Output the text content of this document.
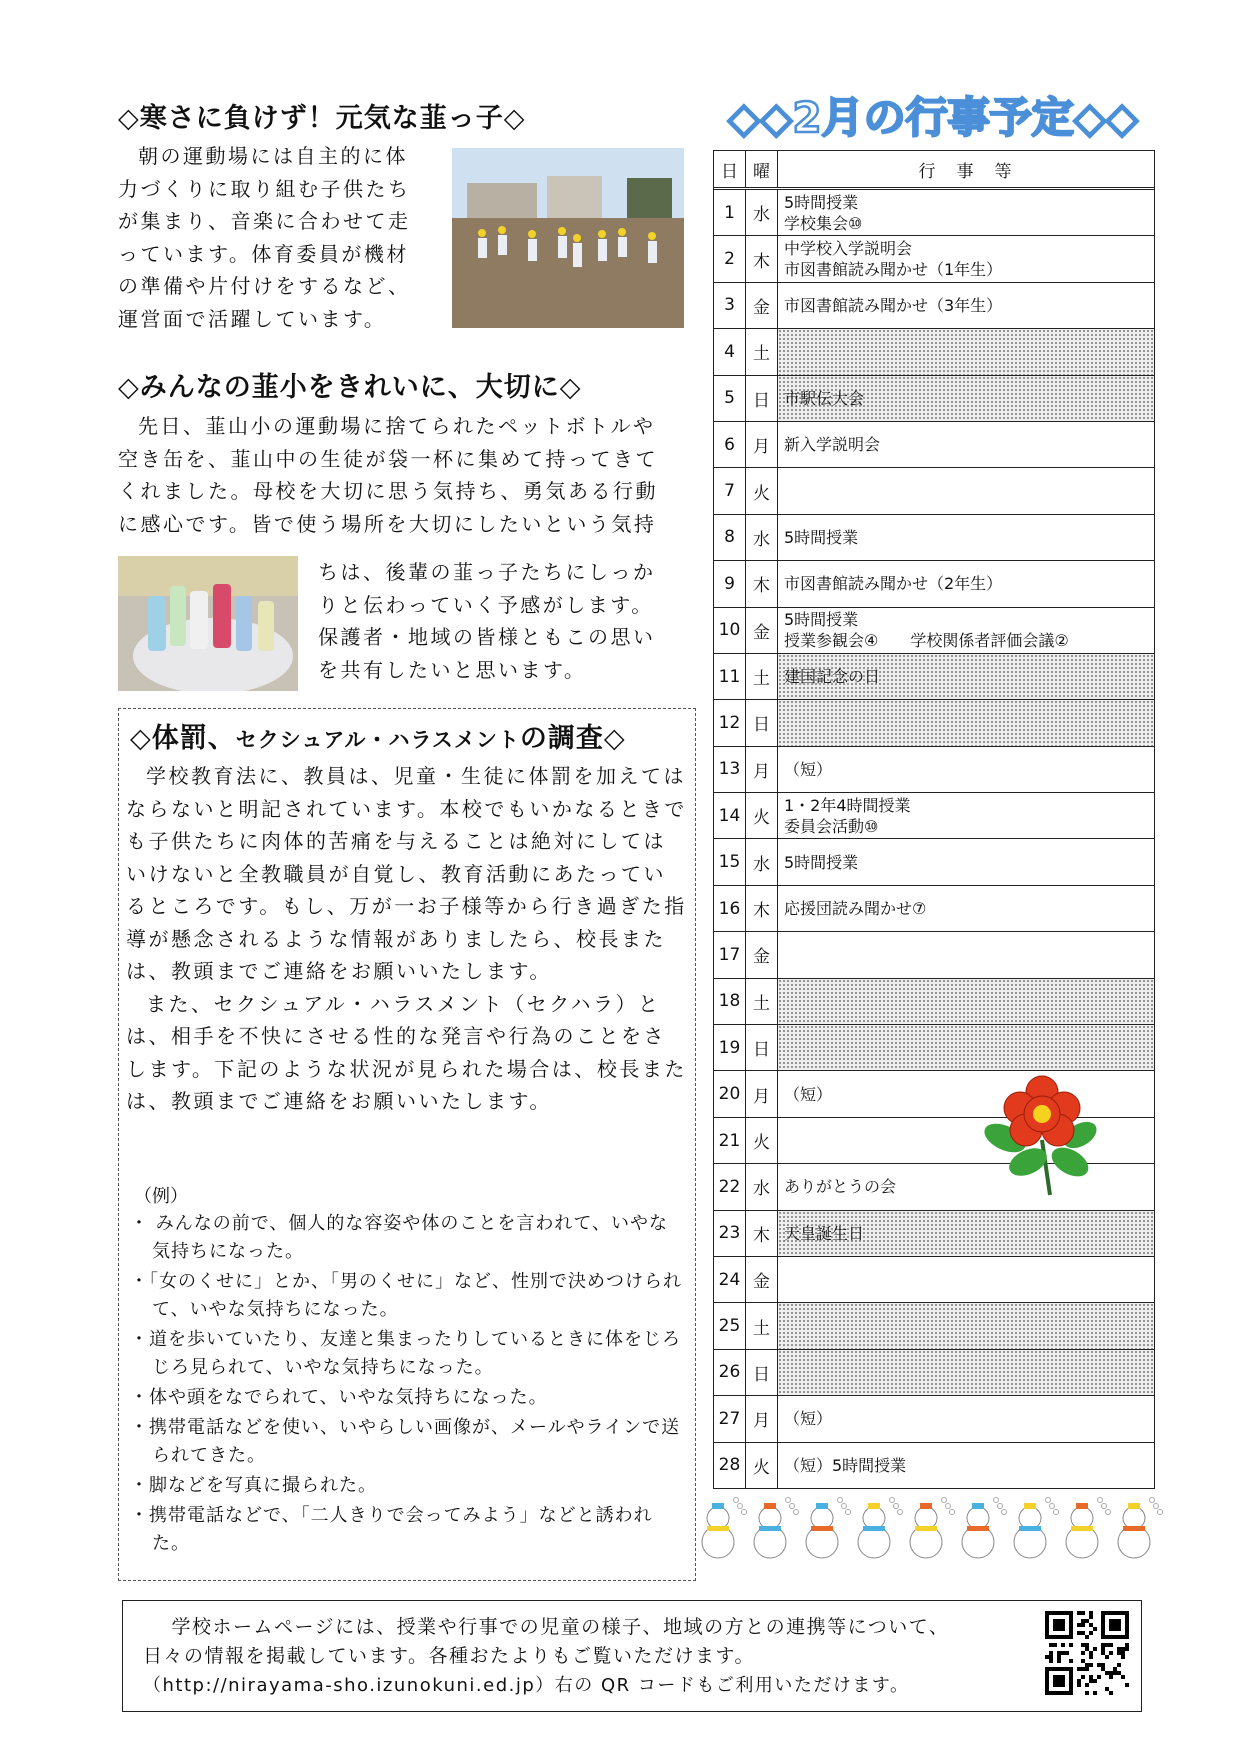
◇寒さに負けず！元気な韮っ子◇
朝の運動場には自主的に体
力づくりに取り組む子供たち
が集まり、音楽に合わせて走
っています。体育委員が機材
の準備や片付けをするなど、
運営面で活躍しています。
◇みんなの韮小をきれいに、大切に◇
先日、韮山小の運動場に捨てられたペットボトルや
空き缶を、韮山中の生徒が袋一杯に集めて持ってきて
くれました。母校を大切に思う気持ち、勇気ある行動
に感心です。皆で使う場所を大切にしたいという気持
ちは、後輩の韮っ子たちにしっか
りと伝わっていく予感がします。
保護者・地域の皆様ともこの思い
を共有したいと思います。
◇体罰、セクシュアル・ハラスメントの調査◇

学校教育法に、教員は、児童・生徒に体罰を加えてはならないと明記されています。本校でもいかなるときでも子供たちに肉体的苦痛を与えることは絶対にしてはいけないと全教職員が自覚し、教育活動にあたっているところです。もし、万が一お子様等から行き過ぎた指導が懸念されるような情報がありましたら、校長または、教頭までご連絡をお願いいたします。

また、セクシュアル・ハラスメント（セクハラ）とは、相手を不快にさせる性的な発言や行為のことをさします。下記のような状況が見られた場合は、校長または、教頭までご連絡をお願いいたします。

（例）
・ みんなの前で、個人的な容姿や体のことを言われて、いやな気持ちになった。
・「女のくせに」とか、「男のくせに」など、性別で決めつけられて、いやな気持ちになった。
・道を歩いていたり、友達と集まったりしているときに体をじろじろ見られて、いやな気持ちになった。
・体や頭をなでられて、いやな気持ちになった。
・携帯電話などを使い、いやらしい画像が、メールやラインで送られてきた。
・脚などを写真に撮られた。
・携帯電話などで、「二人きりで会ってみよう」などと誘われた。
◇◇2月の行事予定◇◇
日 曜	行　事　等
1	水
5時間授業
学校集会⑩
2	木
中学校入学説明会
市図書館読み聞かせ（1年生）
3	金 市図書館読み聞かせ（3年生）
4	土
5	日 市駅伝大会
6	月 新入学説明会
7	火
8	水 5時間授業
9	木 市図書館読み聞かせ（2年生）
10 金
5時間授業
授業参観会④　　学校関係者評価会議②
11 土 建国記念の日
12 日
13 月 （短）
14 火
1・2年4時間授業
委員会活動⑩
15 水 5時間授業
16 木 応援団読み聞かせ⑦
17 金
18 土
19 日
20 月 （短）
21 火
22 水 ありがとうの会
23 木 天皇誕生日
24 金
25 土
26 日
27 月 （短）
28 火 （短）5時間授業
学校ホームページには、授業や行事での児童の様子、地域の方との連携等について、
日々の情報を掲載しています。各種おたよりもご覧いただけます。
（http://nirayama-sho.izunokuni.ed.jp）右の QR コードもご利用いただけます。
